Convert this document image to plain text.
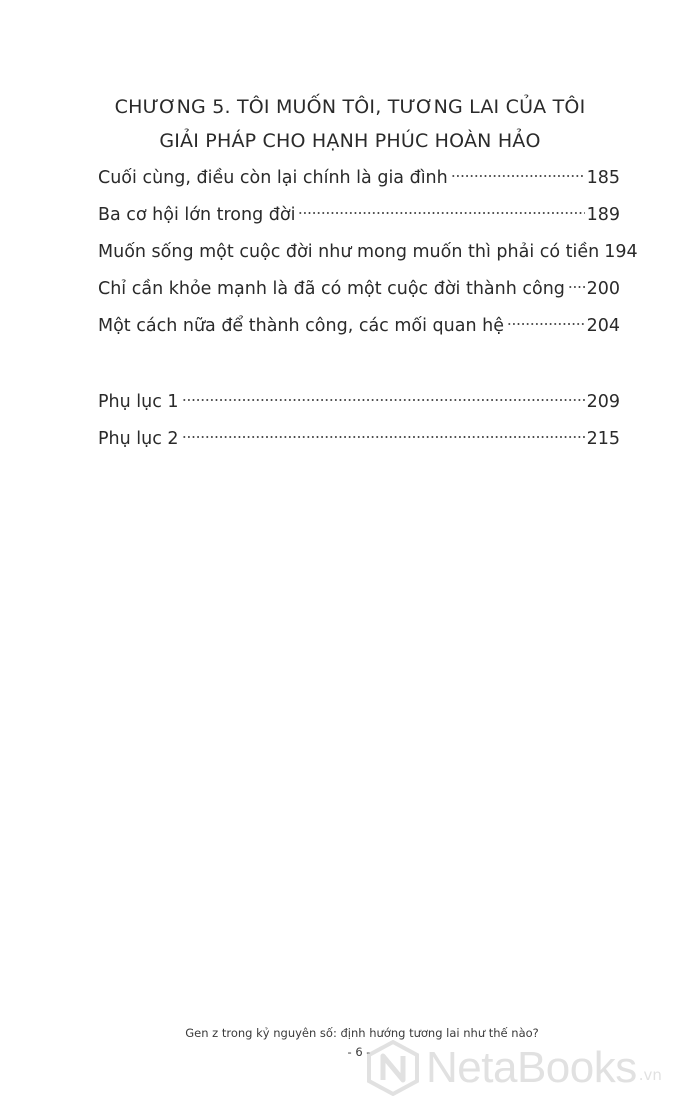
CHƯƠNG 5. TÔI MUỐN TÔI, TƯƠNG LAI CỦA TÔI
GIẢI PHÁP CHO HẠNH PHÚC HOÀN HẢO
Cuối cùng, điều còn lại chính là gia đình	185
Ba cơ hội lớn trong đời	189
Muốn sống một cuộc đời như mong muốn thì phải có tiền 194
Chỉ cần khỏe mạnh là đã có một cuộc đời thành công 200
Một cách nữa để thành công, các mối quan hệ	204
Phụ lục 1	209
Phụ lục 2	215
Gen z trong kỷ nguyên số: định hướng tương lai như thế nào?
- 6 -	NetaBooks .vn
